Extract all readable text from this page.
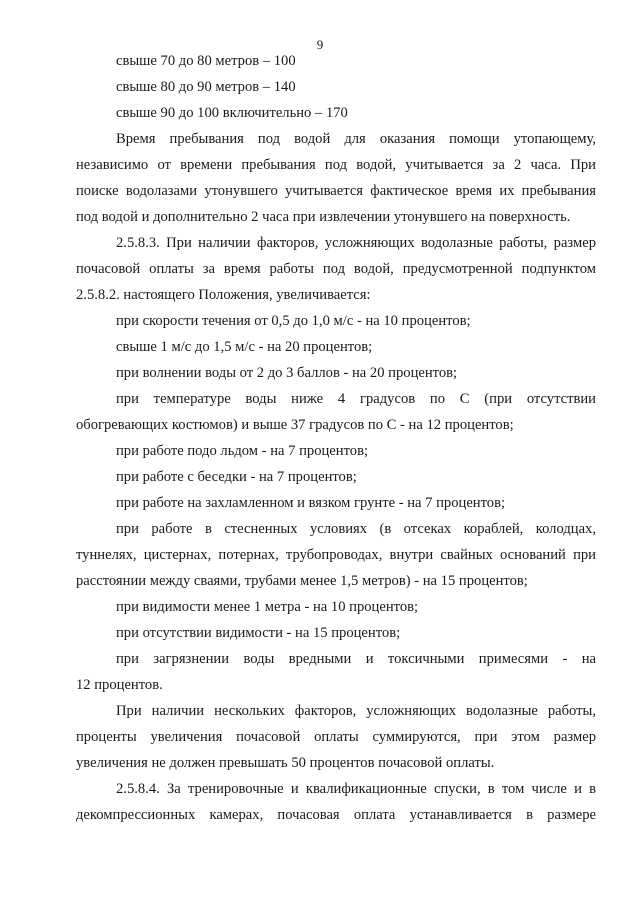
9
свыше 70 до 80 метров – 100
свыше 80 до 90 метров – 140
свыше 90 до 100 включительно – 170
Время пребывания под водой для оказания помощи утопающему,
независимо от времени пребывания под водой, учитывается за 2 часа. При
поиске водолазами утонувшего учитывается фактическое время их пребывания
под водой и дополнительно 2 часа при извлечении утонувшего на поверхность.
2.5.8.3. При наличии факторов, усложняющих водолазные работы, размер
почасовой оплаты за время работы под водой, предусмотренной подпунктом
2.5.8.2. настоящего Положения, увеличивается:
при скорости течения от 0,5 до 1,0 м/с - на 10 процентов;
свыше 1 м/с до 1,5 м/с - на 20 процентов;
при волнении воды от 2 до 3 баллов - на 20 процентов;
при температуре воды ниже 4 градусов по С (при отсутствии
обогревающих костюмов) и выше 37 градусов по С - на 12 процентов;
при работе подо льдом - на 7 процентов;
при работе с беседки - на 7 процентов;
при работе на захламленном и вязком грунте - на 7 процентов;
при работе в стесненных условиях (в отсеках кораблей, колодцах,
туннелях, цистернах, потернах, трубопроводах, внутри свайных оснований при
расстоянии между сваями, трубами менее 1,5 метров) - на 15 процентов;
при видимости менее 1 метра - на 10 процентов;
при отсутствии видимости - на 15 процентов;
при загрязнении воды вредными и токсичными примесями - на
12 процентов.
При наличии нескольких факторов, усложняющих водолазные работы,
проценты увеличения почасовой оплаты суммируются, при этом размер
увеличения не должен превышать 50 процентов почасовой оплаты.
2.5.8.4. За тренировочные и квалификационные спуски, в том числе и в
декомпрессионных камерах, почасовая оплата устанавливается в размере
